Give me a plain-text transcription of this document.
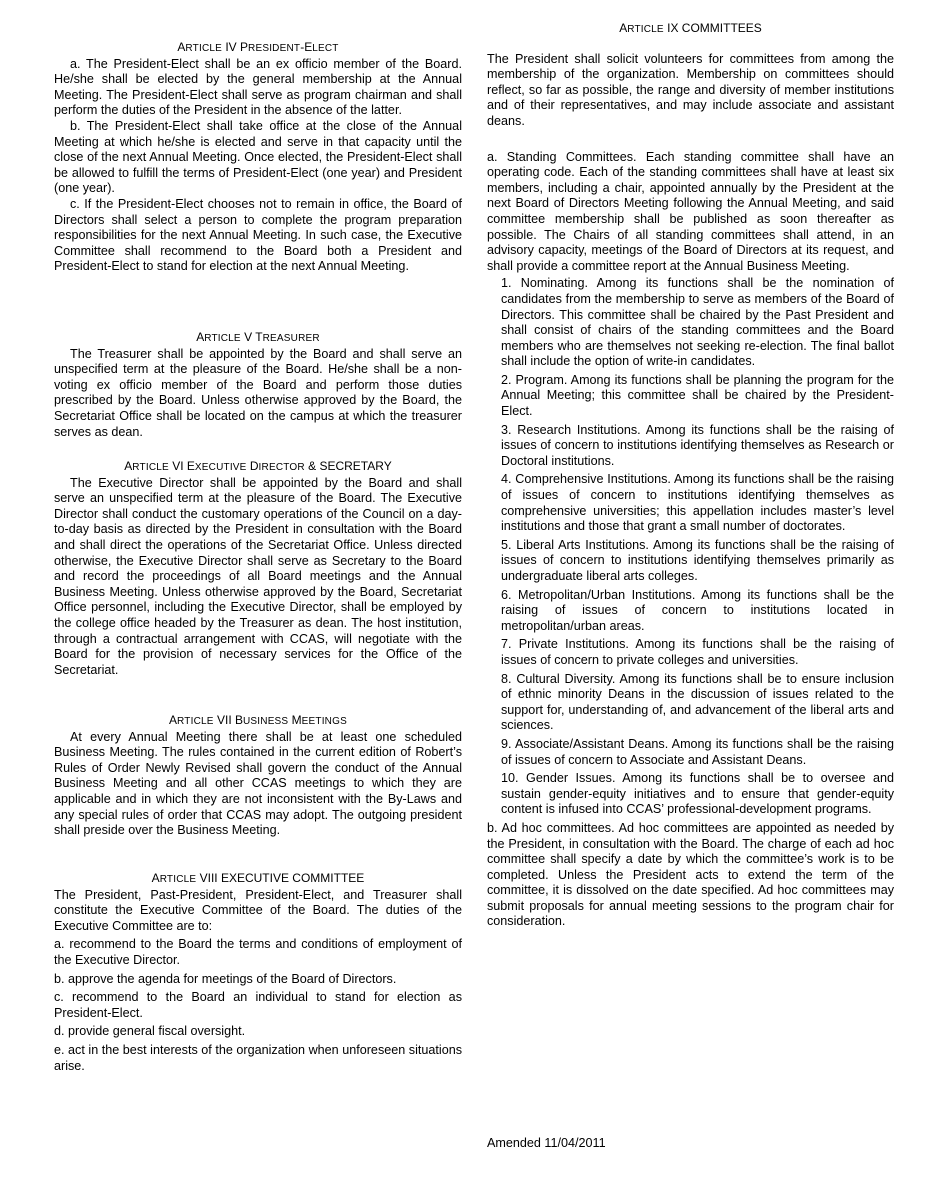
ARTICLE IV PRESIDENT-ELECT

a. The President-Elect shall be an ex officio member of the Board. He/she shall be elected by the general membership at the Annual Meeting. The President-Elect shall serve as program chairman and shall perform the duties of the President in the absence of the latter.

b. The President-Elect shall take office at the close of the Annual Meeting at which he/she is elected and serve in that capacity until the close of the next Annual Meeting. Once elected, the President-Elect shall be allowed to fulfill the terms of President-Elect (one year) and President (one year).

c. If the President-Elect chooses not to remain in office, the Board of Directors shall select a person to complete the program preparation responsibilities for the next Annual Meeting. In such case, the Executive Committee shall recommend to the Board both a President and President-Elect to stand for election at the next Annual Meeting.

ARTICLE V TREASURER

The Treasurer shall be appointed by the Board and shall serve an unspecified term at the pleasure of the Board. He/she shall be a non-voting ex officio member of the Board and perform those duties prescribed by the Board. Unless otherwise approved by the Board, the Secretariat Office shall be located on the campus at which the treasurer serves as dean.

ARTICLE VI EXECUTIVE DIRECTOR & SECRETARY

The Executive Director shall be appointed by the Board and shall serve an unspecified term at the pleasure of the Board. The Executive Director shall conduct the customary operations of the Council on a day-to-day basis as directed by the President in consultation with the Board and shall direct the operations of the Secretariat Office. Unless directed otherwise, the Executive Director shall serve as Secretary to the Board and record the proceedings of all Board meetings and the Annual Business Meeting. Unless otherwise approved by the Board, Secretariat Office personnel, including the Executive Director, shall be employed by the college office headed by the Treasurer as dean. The host institution, through a contractual arrangement with CCAS, will negotiate with the Board for the provision of necessary services for the Office of the Secretariat.

ARTICLE VII BUSINESS MEETINGS

At every Annual Meeting there shall be at least one scheduled Business Meeting. The rules contained in the current edition of Robert’s Rules of Order Newly Revised shall govern the conduct of the Annual Business Meeting and all other CCAS meetings to which they are applicable and in which they are not inconsistent with the By-Laws and any special rules of order that CCAS may adopt. The outgoing president shall preside over the Business Meeting.

ARTICLE VIII EXECUTIVE COMMITTEE

The President, Past-President, President-Elect, and Treasurer shall constitute the Executive Committee of the Board. The duties of the Executive Committee are to:

a. recommend to the Board the terms and conditions of employment of the Executive Director.

b. approve the agenda for meetings of the Board of Directors.

c. recommend to the Board an individual to stand for election as President-Elect.

d. provide general fiscal oversight.

e. act in the best interests of the organization when unforeseen situations arise.

ARTICLE IX COMMITTEES

The President shall solicit volunteers for committees from among the membership of the organization. Membership on committees should reflect, so far as possible, the range and diversity of member institutions and of their representatives, and may include associate and assistant deans.

a. Standing Committees. Each standing committee shall have an operating code. Each of the standing committees shall have at least six members, including a chair, appointed annually by the President at the next Board of Directors Meeting following the Annual Meeting, and said committee membership shall be published as soon thereafter as possible. The Chairs of all standing committees shall attend, in an advisory capacity, meetings of the Board of Directors at its request, and shall provide a committee report at the Annual Business Meeting.

1. Nominating. Among its functions shall be the nomination of candidates from the membership to serve as members of the Board of Directors. This committee shall be chaired by the Past President and shall consist of chairs of the standing committees and the Board members who are themselves not seeking re-election. The final ballot shall include the option of write-in candidates.

2. Program. Among its functions shall be planning the program for the Annual Meeting; this committee shall be chaired by the President-Elect.

3. Research Institutions. Among its functions shall be the raising of issues of concern to institutions identifying themselves as Research or Doctoral institutions.

4. Comprehensive Institutions. Among its functions shall be the raising of issues of concern to institutions identifying themselves as comprehensive universities; this appellation includes master’s level institutions and those that grant a small number of doctorates.

5. Liberal Arts Institutions. Among its functions shall be the raising of issues of concern to institutions identifying themselves primarily as undergraduate liberal arts colleges.

6. Metropolitan/Urban Institutions. Among its functions shall be the raising of issues of concern to institutions located in metropolitan/urban areas.

7. Private Institutions. Among its functions shall be the raising of issues of concern to private colleges and universities.

8. Cultural Diversity. Among its functions shall be to ensure inclusion of ethnic minority Deans in the discussion of issues related to the support for, understanding of, and advancement of the liberal arts and sciences.

9. Associate/Assistant Deans. Among its functions shall be the raising of issues of concern to Associate and Assistant Deans.

10. Gender Issues. Among its functions shall be to oversee and sustain gender-equity initiatives and to ensure that gender-equity content is infused into CCAS’ professional-development programs.

b. Ad hoc committees. Ad hoc committees are appointed as needed by the President, in consultation with the Board. The charge of each ad hoc committee shall specify a date by which the committee’s work is to be completed. Unless the President acts to extend the term of the committee, it is dissolved on the date specified. Ad hoc committees may submit proposals for annual meeting sessions to the program chair for consideration.

Amended 11/04/2011
